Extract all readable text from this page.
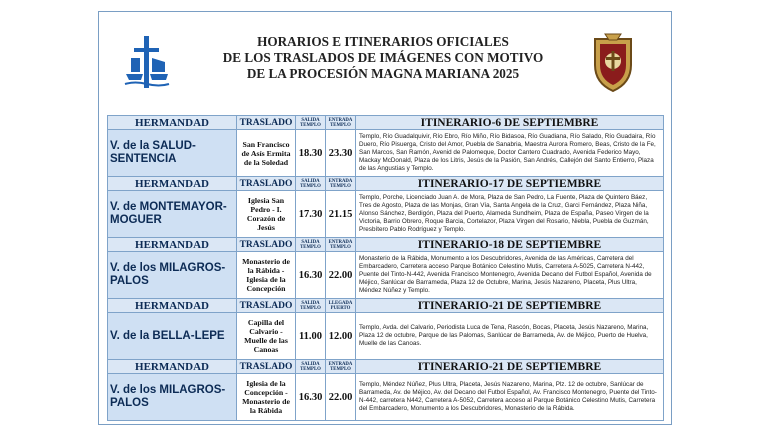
HORARIOS E ITINERARIOS OFICIALES
DE LOS TRASLADOS DE IMÁGENES CON MOTIVO
DE LA PROCESIÓN MAGNA MARIANA 2025
HERMANDAD	TRASLADO	SALIDA TEMPLO	ENTRADA TEMPLO	ITINERARIO-6 DE SEPTIEMBRE
V. de la SALUD-SENTENCIA	San Francisco de Asís Ermita de la Soledad	18.30	23.30	Templo, Río Guadalquivir, Río Ebro, Río Miño, Río Bidasoa, Río Guadiana, Río Salado, Río Guadaira, Río Duero, Río Pisuerga, Cristo del Amor, Puebla de Sanabria, Maestra Aurora Romero, Beas, Cristo de la Fe, San Marcos, San Ramón, Avenid de Palomeque, Doctor Cantero Cuadrado, Avenida Federico Mayo, Mackay McDonald, Plaza de los Litris, Jesús de la Pasión, San Andrés, Callejón del Santo Entierro, Plaza de las Angustias y Templo.
HERMANDAD	TRASLADO	SALIDA TEMPLO	ENTRADA TEMPLO	ITINERARIO-17 DE SEPTIEMBRE
V. de MONTEMAYOR-MOGUER	Iglesia San Pedro - I. Corazón de Jesús	17.30	21.15	Templo, Porche, Licenciado Juan A. de Mora, Plaza de San Pedro, La Fuente, Plaza de Quintero Báez, Tres de Agosto, Plaza de las Monjas, Gran Vía, Santa Angela de la Cruz, Garci Fernández, Plaza Niña, Alonso Sánchez, Berdigón, Plaza del Puerto, Alameda Sundheim, Plaza de España, Paseo Virgen de la Victoria, Barrio Obrero, Roque Barcia, Cortelazor, Plaza Virgen del Rosario, Niebla, Puebla de Guzmán, Presbítero Pablo Rodríguez y Templo.
HERMANDAD	TRASLADO	SALIDA TEMPLO	ENTRADA TEMPLO	ITINERARIO-18 DE SEPTIEMBRE
V. de los MILAGROS-PALOS	Monasterio de la Rábida - Iglesia de la Concepción	16.30	22.00	Monasterio de la Rábida, Monumento a los Descubridores, Avenida de las Américas, Carretera del Embarcadero, Carretera acceso Parque Botánico Celestino Mutis, Carretera A-5025, Carretera N-442, Puente del Tinto-N-442, Avenida Francisco Montenegro, Avenida Decano del Futbol Español, Avenida de Méjico, Sanlúcar de Barrameda, Plaza 12 de Octubre, Marina, Jesús Nazareno, Placeta, Plus Ultra, Méndez Núñez y Templo.
HERMANDAD	TRASLADO	SALIDA TEMPLO	LLEGADA PUERTO	ITINERARIO-21 DE SEPTIEMBRE
V. de la BELLA-LEPE	Capilla del Calvario - Muelle de las Canoas	11.00	12.00	Templo, Avda. del Calvario, Periodista Luca de Tena, Rascón, Bocas, Placeta, Jesús Nazareno, Marina, Plaza 12 de octubre, Parque de las Palomas, Sanlúcar de Barrameda, Av. de Méjico, Puerto de Huelva, Muelle de las Canoas.
HERMANDAD	TRASLADO	SALIDA TEMPLO	ENTRADA TEMPLO	ITINERARIO-21 DE SEPTIEMBRE
V. de los MILAGROS-PALOS	Iglesia de la Concepción - Monasterio de la Rábida	16.30	22.00	Templo, Méndez Núñez, Plus Ultra, Placeta, Jesús Nazareno, Marina, Plz. 12 de octubre, Sanlúcar de Barrameda, Av. de Méjico, Av. del Decano del Futbol Español, Av. Francisco Montenegro, Puente del Tinto-N-442, carretera N442, Carretera A-5052, Carretera acceso al Parque Botánico Celestino Mutis, Carretera del Embarcadero, Monumento a los Descubridores, Monasterio de la Rábida.
